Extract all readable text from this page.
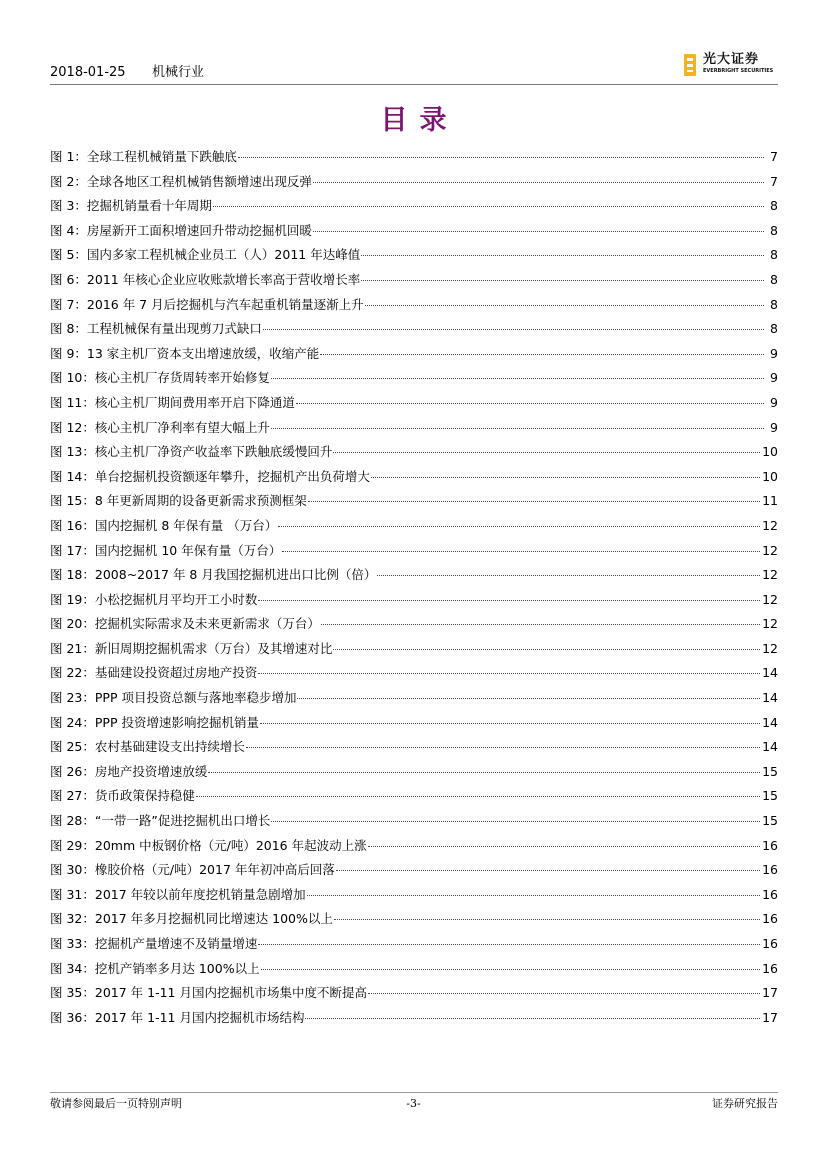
2018-01-25 机械行业
光大证券
EVERBRIGHT SECURITIES
目录
图 1：全球工程机械销量下跌触底	7
图 2：全球各地区工程机械销售额增速出现反弹	7
图 3：挖掘机销量看十年周期	8
图 4：房屋新开工面积增速回升带动挖掘机回暖	8
图 5：国内多家工程机械企业员工（人）2011 年达峰值	8
图 6：2011 年核心企业应收账款增长率高于营收增长率	8
图 7：2016 年 7 月后挖掘机与汽车起重机销量逐渐上升	8
图 8：工程机械保有量出现剪刀式缺口	8
图 9：13 家主机厂资本支出增速放缓，收缩产能	9
图 10：核心主机厂存货周转率开始修复	9
图 11：核心主机厂期间费用率开启下降通道	9
图 12：核心主机厂净利率有望大幅上升	9
图 13：核心主机厂净资产收益率下跌触底缓慢回升	10
图 14：单台挖掘机投资额逐年攀升，挖掘机产出负荷增大	10
图 15：8 年更新周期的设备更新需求预测框架	11
图 16：国内挖掘机 8 年保有量 （万台）	12
图 17：国内挖掘机 10 年保有量（万台）	12
图 18：2008~2017 年 8 月我国挖掘机进出口比例（倍）	12
图 19：小松挖掘机月平均开工小时数	12
图 20：挖掘机实际需求及未来更新需求（万台）	12
图 21：新旧周期挖掘机需求（万台）及其增速对比	12
图 22：基础建设投资超过房地产投资	14
图 23：PPP 项目投资总额与落地率稳步增加	14
图 24：PPP 投资增速影响挖掘机销量	14
图 25：农村基础建设支出持续增长	14
图 26：房地产投资增速放缓	15
图 27：货币政策保持稳健	15
图 28：“一带一路”促进挖掘机出口增长	15
图 29：20mm 中板钢价格（元/吨）2016 年起波动上涨	16
图 30：橡胶价格（元/吨）2017 年年初冲高后回落	16
图 31：2017 年较以前年度挖机销量急剧增加	16
图 32：2017 年多月挖掘机同比增速达 100%以上	16
图 33：挖掘机产量增速不及销量增速	16
图 34：挖机产销率多月达 100%以上	16
图 35：2017 年 1-11 月国内挖掘机市场集中度不断提高	17
图 36：2017 年 1-11 月国内挖掘机市场结构	17
敬请参阅最后一页特别声明	-3-	证券研究报告
